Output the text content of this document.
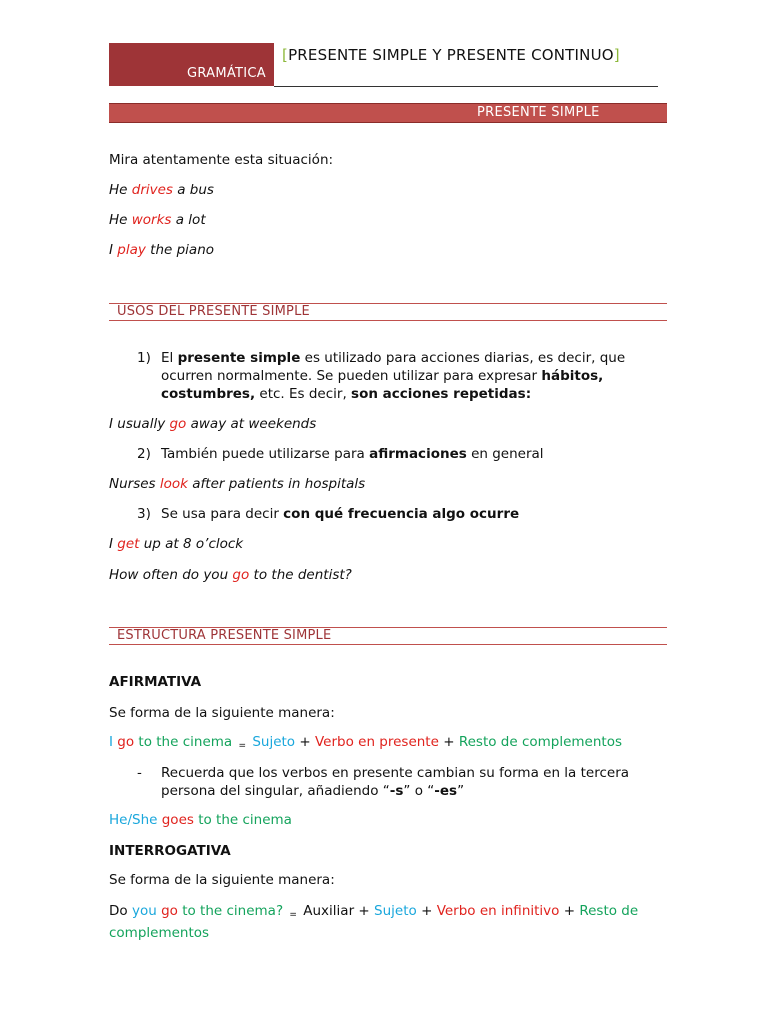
GRAMÁTICA
[PRESENTE SIMPLE Y PRESENTE CONTINUO]
PRESENTE SIMPLE
Mira atentamente esta situación:
He drives a bus
He works a lot
I play the piano
USOS DEL PRESENTE SIMPLE
1) El presente simple es utilizado para acciones diarias, es decir, que ocurren normalmente. Se pueden utilizar para expresar hábitos, costumbres, etc. Es decir, son acciones repetidas:
I usually go away at weekends
2) También puede utilizarse para afirmaciones en general
Nurses look after patients in hospitals
3) Se usa para decir con qué frecuencia algo ocurre
I get up at 8 o’clock
How often do you go to the dentist?
ESTRUCTURA PRESENTE SIMPLE
AFIRMATIVA
Se forma de la siguiente manera:
I go to the cinema = Sujeto + Verbo en presente + Resto de complementos
- Recuerda que los verbos en presente cambian su forma en la tercera persona del singular, añadiendo “-s” o “-es”
He/She goes to the cinema
INTERROGATIVA
Se forma de la siguiente manera:
Do you go to the cinema? = Auxiliar + Sujeto + Verbo en infinitivo + Resto de complementos
